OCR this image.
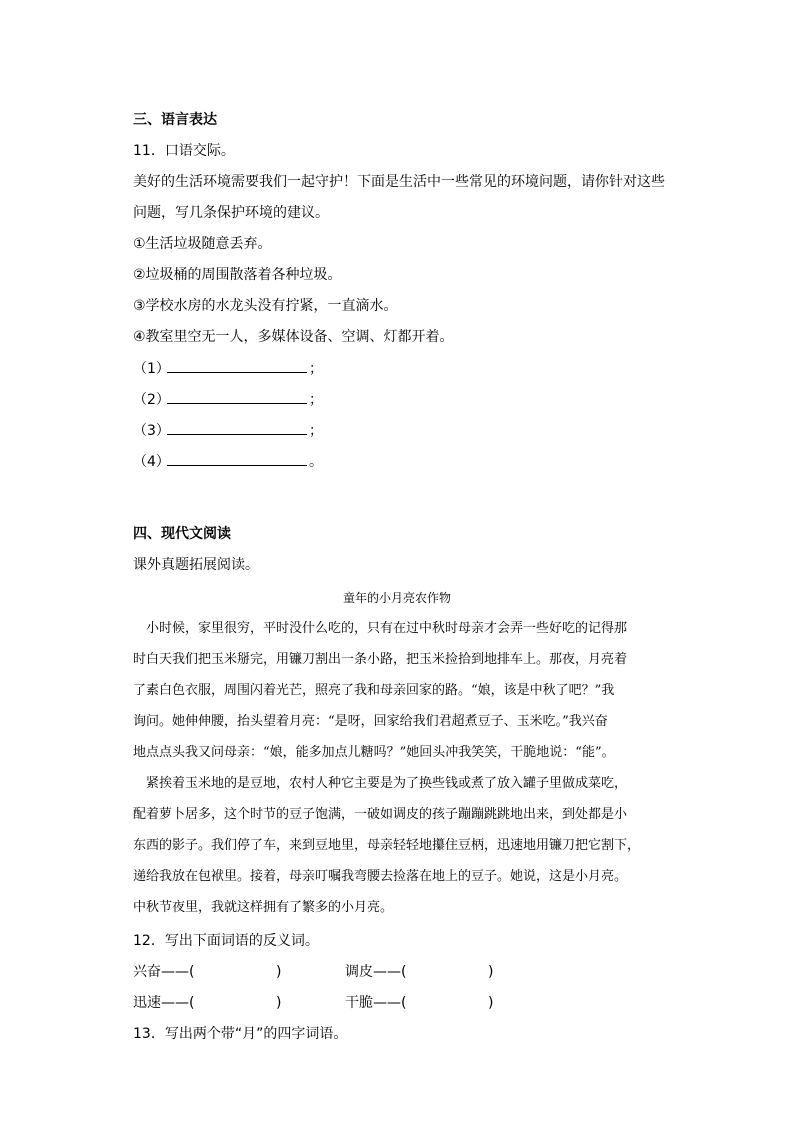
三、语言表达
11．口语交际。
美好的生活环境需要我们一起守护！下面是生活中一些常见的环境问题，请你针对这些
问题，写几条保护环境的建议。
①生活垃圾随意丢弃。
②垃圾桶的周围散落着各种垃圾。
③学校水房的水龙头没有拧紧，一直滴水。
④教室里空无一人，多媒体设备、空调、灯都开着。
（1）	；
（2）	；
（3）	；
（4）	。
四、现代文阅读
课外真题拓展阅读。
童年的小月亮农作物
　小时候，家里很穷，平时没什么吃的，只有在过中秋时母亲才会弄一些好吃的记得那
时白天我们把玉米掰完，用镰刀割出一条小路，把玉米捡拾到地排车上。那夜，月亮着
了素白色衣服，周围闪着光芒，照亮了我和母亲回家的路。“娘，该是中秋了吧？”我
询问。她伸伸腰，抬头望着月亮：“是呀，回家给我们君超煮豆子、玉米吃。”我兴奋
地点点头我又问母亲：“娘，能多加点儿糖吗？”她回头冲我笑笑，干脆地说：“能”。
　紧挨着玉米地的是豆地，农村人种它主要是为了换些钱或煮了放入罐子里做成菜吃，
配着萝卜居多，这个时节的豆子饱满，一破如调皮的孩子蹦蹦跳跳地出来，到处都是小
东西的影子。我们停了车，来到豆地里，母亲轻轻地攥住豆柄，迅速地用镰刀把它割下，
递给我放在包袱里。接着，母亲叮嘱我弯腰去捡落在地上的豆子。她说，这是小月亮。
中秋节夜里，我就这样拥有了繁多的小月亮。
12．写出下面词语的反义词。
兴奋——(	)	调皮——(	)
迅速——(	)	干脆——(	)
13．写出两个带“月”的四字词语。
